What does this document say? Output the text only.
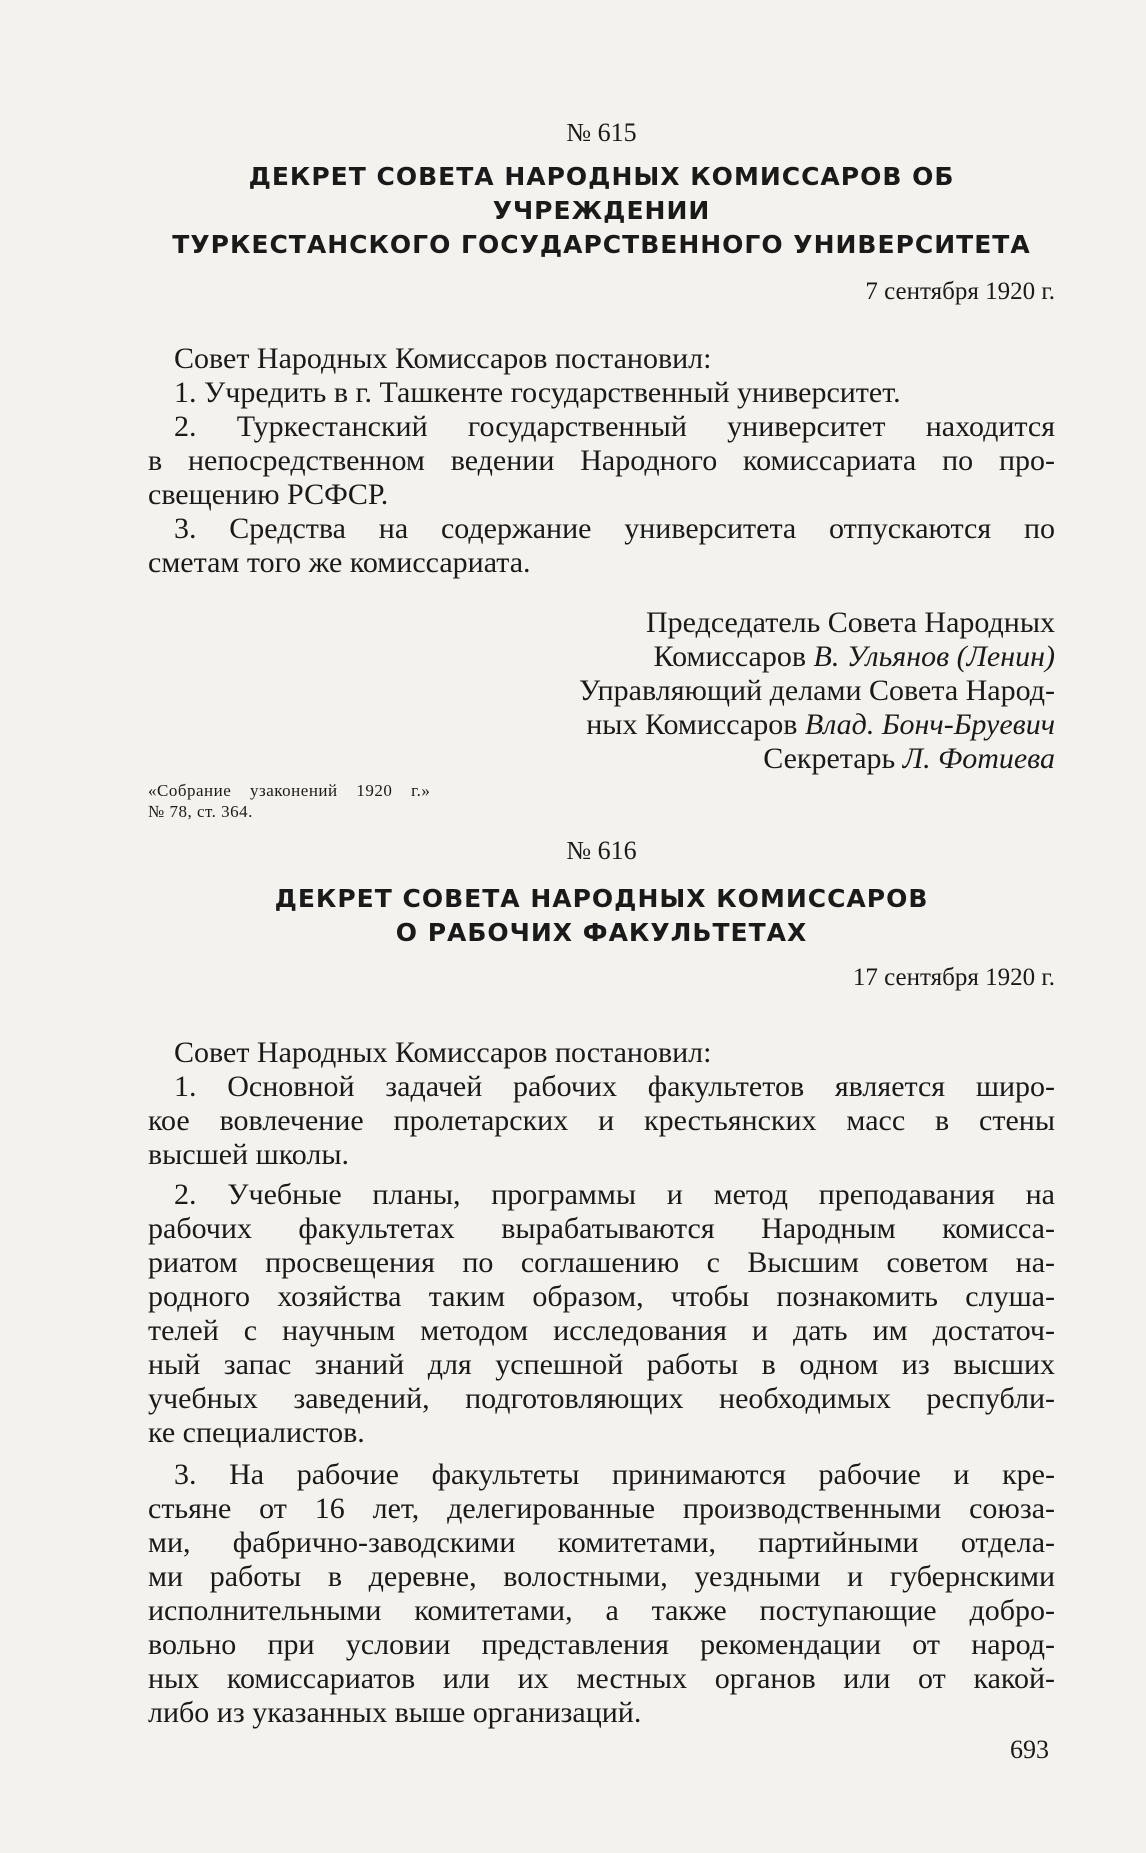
№ 615

ДЕКРЕТ СОВЕТА НАРОДНЫХ КОМИССАРОВ ОБ УЧРЕЖДЕНИИ
ТУРКЕСТАНСКОГО ГОСУДАРСТВЕННОГО УНИВЕРСИТЕТА

7 сентября 1920 г.

Совет Народных Комиссаров постановил:
1. Учредить в г. Ташкенте государственный университет.
2. Туркестанский государственный университет находится
в непосредственном ведении Народного комиссариата по про-
свещению РСФСР.
3. Средства на содержание университета отпускаются по
сметам того же комиссариата.
Председатель Совета Народных
Комиссаров В. Ульянов (Ленин)
Управляющий делами Совета Народ-
ных Комиссаров Влад. Бонч-Бруевич
Секретарь Л. Фотиева
«Собрание узаконений 1920 г.»
№ 78, ст. 364.

№ 616

ДЕКРЕТ СОВЕТА НАРОДНЫХ КОМИССАРОВ
О РАБОЧИХ ФАКУЛЬТЕТАХ

17 сентября 1920 г.

Совет Народных Комиссаров постановил:
1. Основной задачей рабочих факультетов является широ-
кое вовлечение пролетарских и крестьянских масс в стены
высшей школы.
2. Учебные планы, программы и метод преподавания на
рабочих факультетах вырабатываются Народным комисса-
риатом просвещения по соглашению с Высшим советом на-
родного хозяйства таким образом, чтобы познакомить слуша-
телей с научным методом исследования и дать им достаточ-
ный запас знаний для успешной работы в одном из высших
учебных заведений, подготовляющих необходимых республи-
ке специалистов.
3. На рабочие факультеты принимаются рабочие и кре-
стьяне от 16 лет, делегированные производственными союза-
ми, фабрично-заводскими комитетами, партийными отдела-
ми работы в деревне, волостными, уездными и губернскими
исполнительными комитетами, а также поступающие добро-
вольно при условии представления рекомендации от народ-
ных комиссариатов или их местных органов или от какой-
либо из указанных выше организаций.
693
